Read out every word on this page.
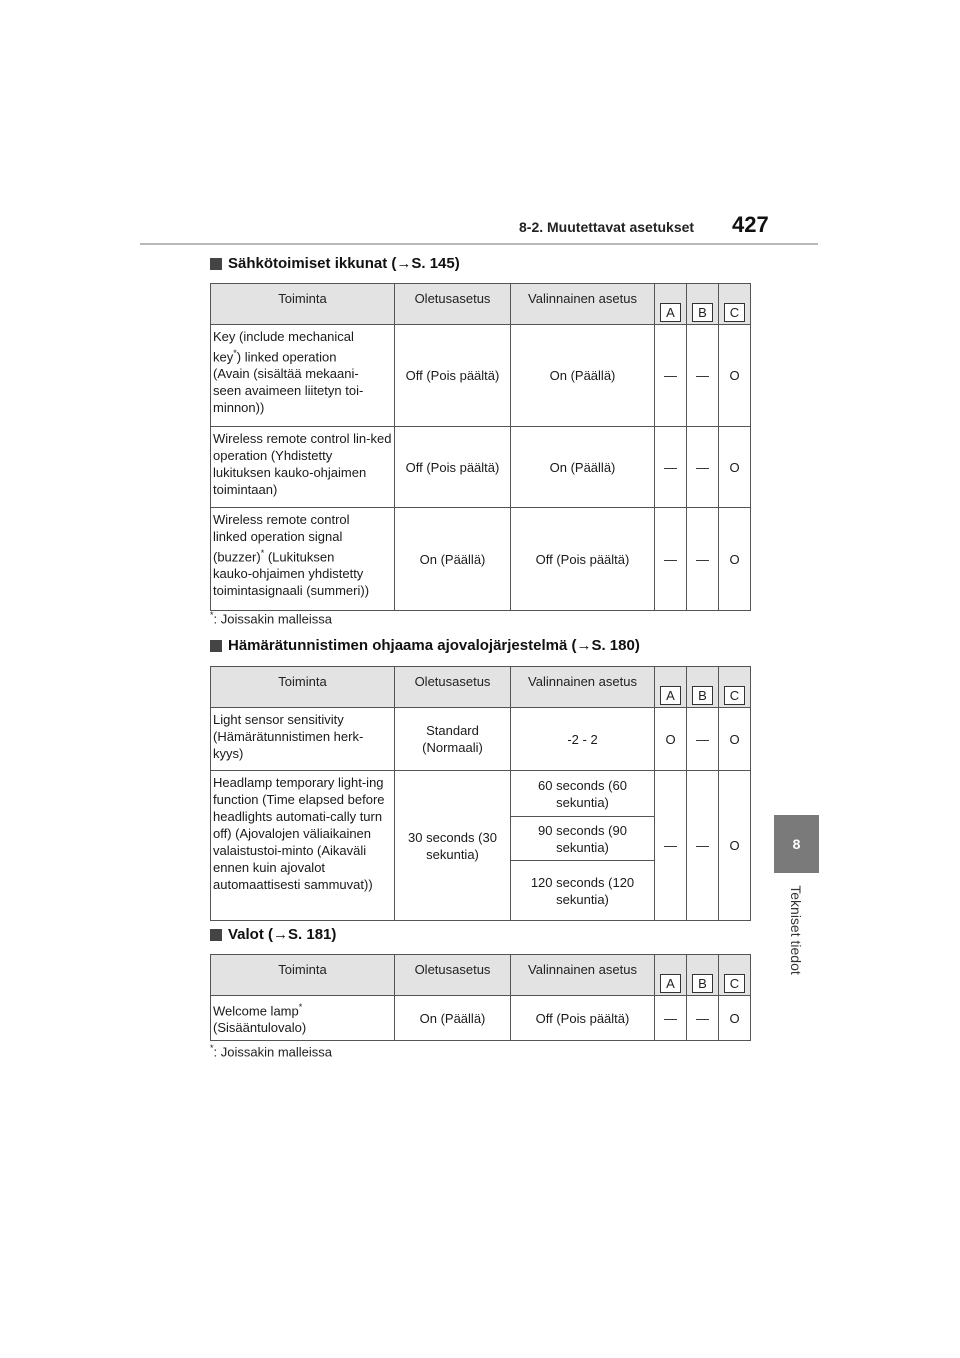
8-2. Muutettavat asetukset 427
8
Tekniset tiedot
Sähkötoimiset ikkunat (→S. 145)
Toiminta	Oletusasetus	Valinnainen asetus	A	B	C
Key (include mechanical
key*) linked operation
(Avain (sisältää mekaani-
seen avaimeen liitetyn toi-
minnon))	Off (Pois päältä)	On (Päällä)	—	—	O
Wireless remote control lin-ked operation (Yhdistetty lukituksen kauko-ohjaimen toimintaan)	Off (Pois päältä)	On (Päällä)	—	—	O
Wireless remote control
linked operation signal
(buzzer)* (Lukituksen
kauko-ohjaimen yhdistetty
toimintasignaali (summeri))	On (Päällä)	Off (Pois päältä)	—	—	O
*: Joissakin malleissa
Hämärätunnistimen ohjaama ajovalojärjestelmä (→S. 180)
Toiminta	Oletusasetus	Valinnainen asetus	A	B	C
Light sensor sensitivity (Hämärätunnistimen herk-kyys)	Standard (Normaali)	-2 - 2	O	—	O
Headlamp temporary light-ing function (Time elapsed before headlights automati-cally turn off) (Ajovalojen väliaikainen valaistustoi-minto (Aikaväli ennen kuin ajovalot automaattisesti sammuvat))	30 seconds (30 sekuntia)	60 seconds (60 sekuntia)	—	—	O
		90 seconds (90 sekuntia)			
		120 seconds (120 sekuntia)			
Valot (→S. 181)
Toiminta	Oletusasetus	Valinnainen asetus	A	B	C
Welcome lamp*
(Sisääntulovalo)	On (Päällä)	Off (Pois päältä)	—	—	O
*: Joissakin malleissa
